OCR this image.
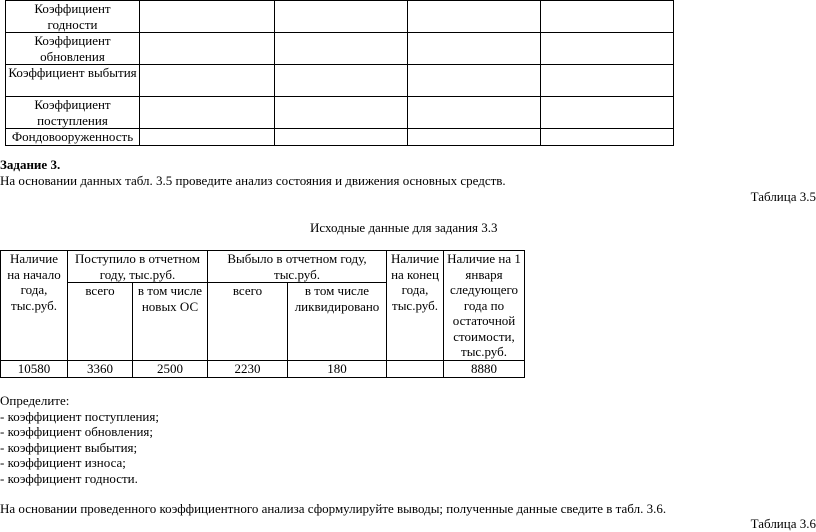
Коэффициент годности				
Коэффициент обновления				
Коэффициент выбытия				
Коэффициент поступления				
Фондовооруженность				
Задание 3.
На основании данных табл. 3.5 проведите анализ состояния и движения основных средств.
Таблица 3.5
Исходные данные для задания 3.3
Наличие на начало года, тыс.руб.	Поступило в отчетном году, тыс.руб.		Выбыло в отчетном году, тыс.руб.		Наличие на конец года, тыс.руб.	Наличие на 1 января следующего года по остаточной стоимости, тыс.руб.
	всего	в том числе новых ОС	всего	в том числе ликвидировано		
10580	3360	2500	2230	180		8880
Определите:
- коэффициент поступления;
- коэффициент обновления;
- коэффициент выбытия;
- коэффициент износа;
- коэффициент годности.
На основании проведенного коэффициентного анализа сформулируйте выводы; полученные данные сведите в табл. 3.6.
Таблица 3.6
